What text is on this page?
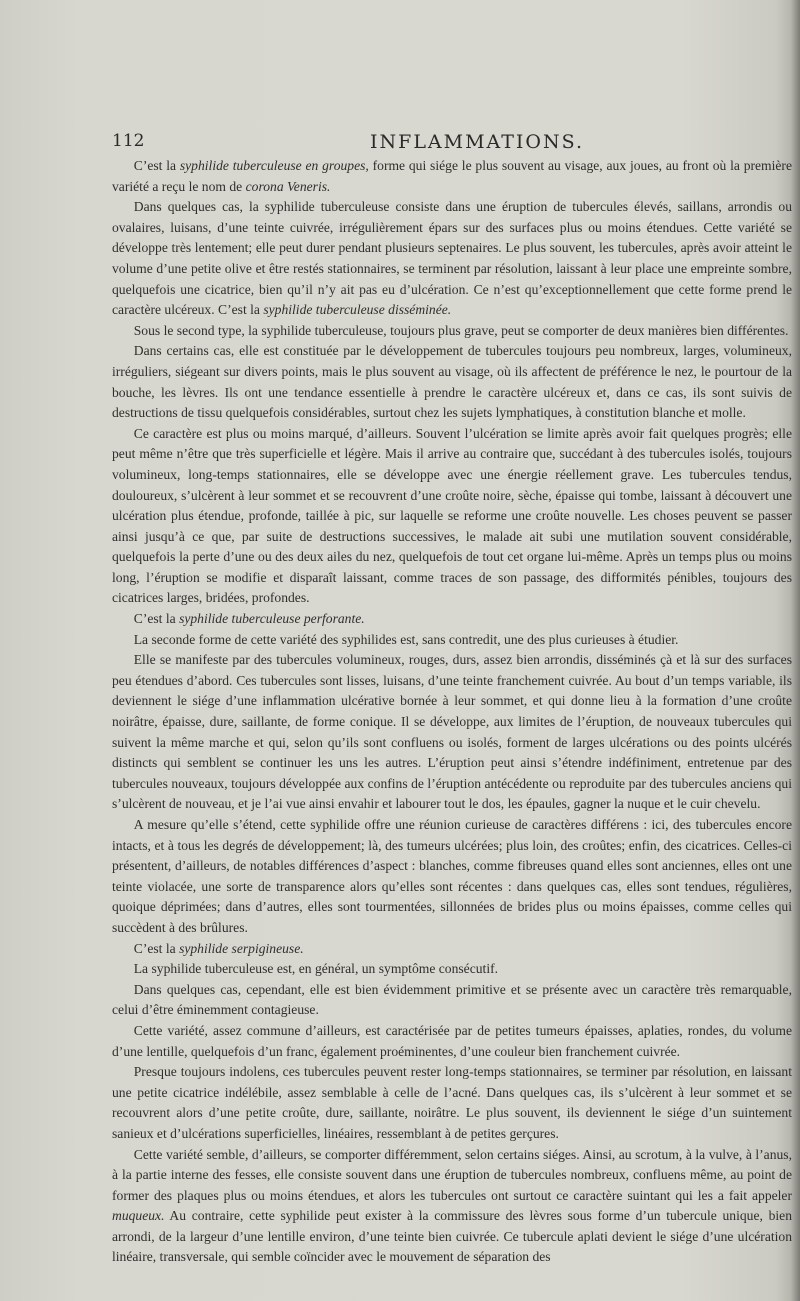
112	INFLAMMATIONS.

C’est la syphilide tuberculeuse en groupes, forme qui siége le plus souvent au visage, aux joues, au front où la première variété a reçu le nom de corona Veneris.

Dans quelques cas, la syphilide tuberculeuse consiste dans une éruption de tubercules élevés, saillans, arrondis ou ovalaires, luisans, d’une teinte cuivrée, irrégulièrement épars sur des surfaces plus ou moins étendues. Cette variété se développe très lentement; elle peut durer pendant plusieurs septenaires. Le plus souvent, les tubercules, après avoir atteint le volume d’une petite olive et être restés stationnaires, se terminent par résolution, laissant à leur place une empreinte sombre, quelquefois une cicatrice, bien qu’il n’y ait pas eu d’ulcération. Ce n’est qu’exceptionnellement que cette forme prend le caractère ulcéreux. C’est la syphilide tuberculeuse disséminée.

Sous le second type, la syphilide tuberculeuse, toujours plus grave, peut se comporter de deux manières bien différentes.

Dans certains cas, elle est constituée par le développement de tubercules toujours peu nombreux, larges, volumineux, irréguliers, siégeant sur divers points, mais le plus souvent au visage, où ils affectent de préférence le nez, le pourtour de la bouche, les lèvres. Ils ont une tendance essentielle à prendre le caractère ulcéreux et, dans ce cas, ils sont suivis de destructions de tissu quelquefois considérables, surtout chez les sujets lymphatiques, à constitution blanche et molle.

Ce caractère est plus ou moins marqué, d’ailleurs. Souvent l’ulcération se limite après avoir fait quelques progrès; elle peut même n’être que très superficielle et légère. Mais il arrive au contraire que, succédant à des tubercules isolés, toujours volumineux, long-temps stationnaires, elle se développe avec une énergie réellement grave. Les tubercules tendus, douloureux, s’ulcèrent à leur sommet et se recouvrent d’une croûte noire, sèche, épaisse qui tombe, laissant à découvert une ulcération plus étendue, profonde, taillée à pic, sur laquelle se reforme une croûte nouvelle. Les choses peuvent se passer ainsi jusqu’à ce que, par suite de destructions successives, le malade ait subi une mutilation souvent considérable, quelquefois la perte d’une ou des deux ailes du nez, quelquefois de tout cet organe lui-même. Après un temps plus ou moins long, l’éruption se modifie et disparaît laissant, comme traces de son passage, des difformités pénibles, toujours des cicatrices larges, bridées, profondes.

C’est la syphilide tuberculeuse perforante.

La seconde forme de cette variété des syphilides est, sans contredit, une des plus curieuses à étudier.

Elle se manifeste par des tubercules volumineux, rouges, durs, assez bien arrondis, disséminés çà et là sur des surfaces peu étendues d’abord. Ces tubercules sont lisses, luisans, d’une teinte franchement cuivrée. Au bout d’un temps variable, ils deviennent le siége d’une inflammation ulcérative bornée à leur sommet, et qui donne lieu à la formation d’une croûte noirâtre, épaisse, dure, saillante, de forme conique. Il se développe, aux limites de l’éruption, de nouveaux tubercules qui suivent la même marche et qui, selon qu’ils sont confluens ou isolés, forment de larges ulcérations ou des points ulcérés distincts qui semblent se continuer les uns les autres. L’éruption peut ainsi s’étendre indéfiniment, entretenue par des tubercules nouveaux, toujours développée aux confins de l’éruption antécédente ou reproduite par des tubercules anciens qui s’ulcèrent de nouveau, et je l’ai vue ainsi envahir et labourer tout le dos, les épaules, gagner la nuque et le cuir chevelu.

A mesure qu’elle s’étend, cette syphilide offre une réunion curieuse de caractères différens : ici, des tubercules encore intacts, et à tous les degrés de développement; là, des tumeurs ulcérées; plus loin, des croûtes; enfin, des cicatrices. Celles-ci présentent, d’ailleurs, de notables différences d’aspect : blanches, comme fibreuses quand elles sont anciennes, elles ont une teinte violacée, une sorte de transparence alors qu’elles sont récentes : dans quelques cas, elles sont tendues, régulières, quoique déprimées; dans d’autres, elles sont tourmentées, sillonnées de brides plus ou moins épaisses, comme celles qui succèdent à des brûlures.

C’est la syphilide serpigineuse.

La syphilide tuberculeuse est, en général, un symptôme consécutif.

Dans quelques cas, cependant, elle est bien évidemment primitive et se présente avec un caractère très remarquable, celui d’être éminemment contagieuse.

Cette variété, assez commune d’ailleurs, est caractérisée par de petites tumeurs épaisses, aplaties, rondes, du volume d’une lentille, quelquefois d’un franc, également proéminentes, d’une couleur bien franchement cuivrée.

Presque toujours indolens, ces tubercules peuvent rester long-temps stationnaires, se terminer par résolution, en laissant une petite cicatrice indélébile, assez semblable à celle de l’acné. Dans quelques cas, ils s’ulcèrent à leur sommet et se recouvrent alors d’une petite croûte, dure, saillante, noirâtre. Le plus souvent, ils deviennent le siége d’un suintement sanieux et d’ulcérations superficielles, linéaires, ressemblant à de petites gerçures.

Cette variété semble, d’ailleurs, se comporter différemment, selon certains siéges. Ainsi, au scrotum, à la vulve, à l’anus, à la partie interne des fesses, elle consiste souvent dans une éruption de tubercules nombreux, confluens même, au point de former des plaques plus ou moins étendues, et alors les tubercules ont surtout ce caractère suintant qui les a fait appeler muqueux. Au contraire, cette syphilide peut exister à la commissure des lèvres sous forme d’un tubercule unique, bien arrondi, de la largeur d’une lentille environ, d’une teinte bien cuivrée. Ce tubercule aplati devient le siége d’une ulcération linéaire, transversale, qui semble coïncider avec le mouvement de séparation des
